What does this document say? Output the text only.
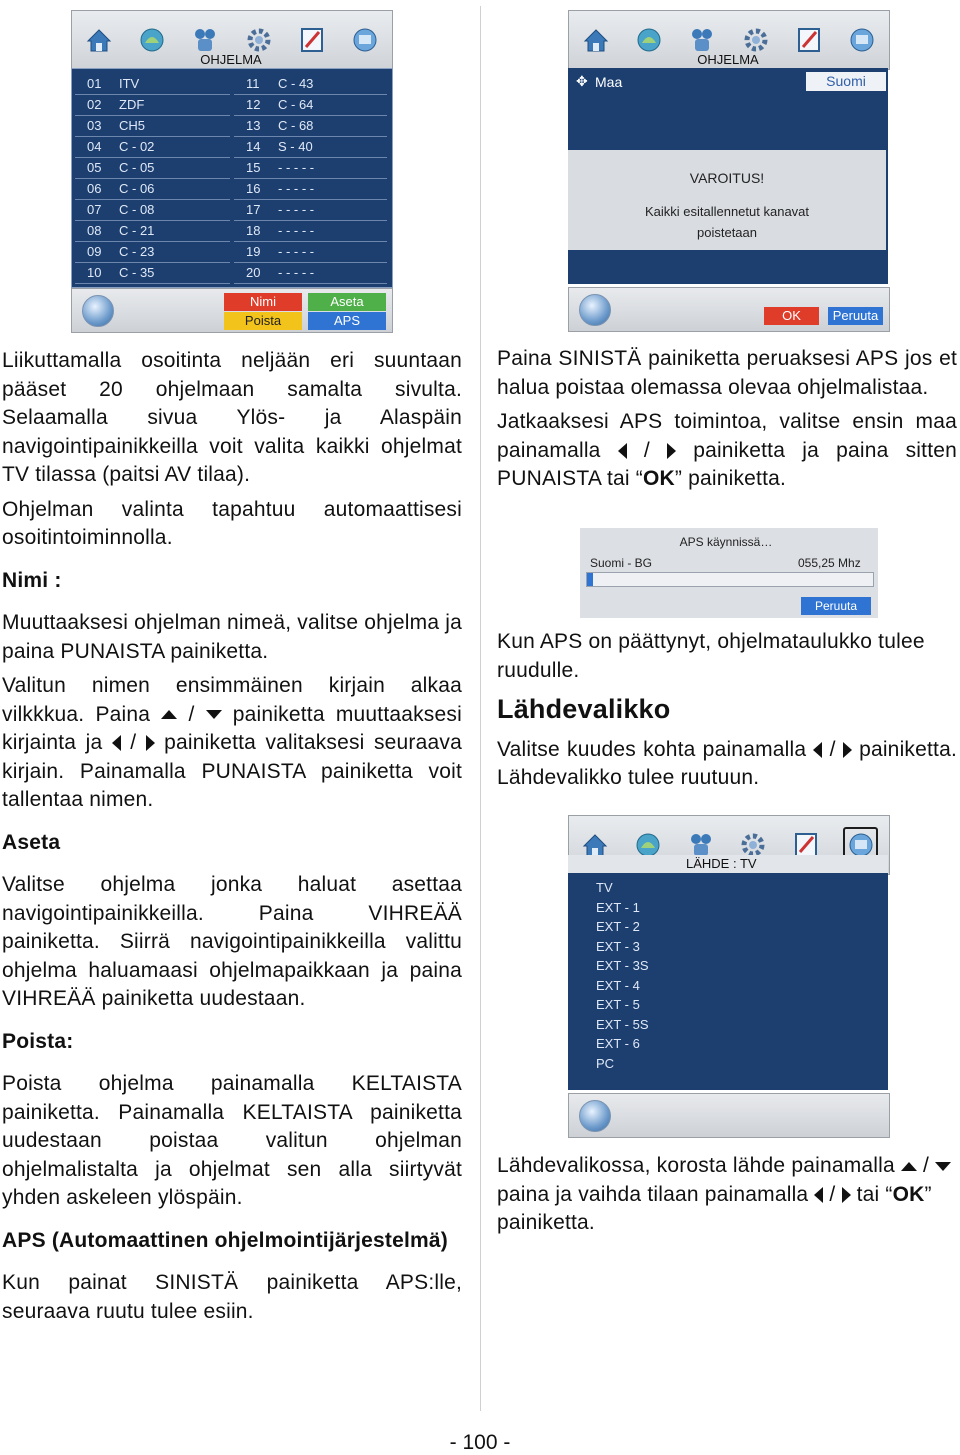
OHJELMA
01 ITV
02 ZDF
03 CH5
04 C - 02
05 C - 05
06 C - 06
07 C - 08
08 C - 21
09 C - 23
10 C - 35
11 C - 43
12 C - 64
13 C - 68
14 S - 40
15 - - - - -
16 - - - - -
17 - - - - -
18 - - - - -
19 - - - - -
20 - - - - -
Nimi	Aseta
Poista	APS
OHJELMA
✥ Maa	Suomi
VAROITUS!
Kaikki esitallennetut kanavat
poistetaan
OK	Peruuta
APS käynnissä…
Suomi - BG	055,25 Mhz
Peruuta
LÄHDE : TV
TV
EXT - 1
EXT - 2
EXT - 3
EXT - 3S
EXT - 4
EXT - 5
EXT - 5S
EXT - 6
PC

Liikuttamalla osoitinta neljään eri suuntaan pääset 20 ohjelmaan samalta sivulta. Selaamalla sivua Ylös- ja Alaspäin navigointipainikkeilla voit valita kaikki ohjelmat TV tilassa (paitsi AV tilaa).

Ohjelman valinta tapahtuu automaattisesi osoitintoiminnolla.

Nimi :

Muuttaaksesi ohjelman nimeä, valitse ohjelma ja paina PUNAISTA painiketta.

Valitun nimen ensimmäinen kirjain alkaa vilkkkua. Paina / painiketta muuttaaksesi kirjainta ja / painiketta valitaksesi seuraava kirjain. Painamalla PUNAISTA painiketta voit tallentaa nimen.

Aseta

Valitse ohjelma jonka haluat asettaa navigointipainikkeilla. Paina VIHREÄÄ painiketta. Siirrä navigointipainikkeilla valittu ohjelma haluamaasi ohjelmapaikkaan ja paina VIHREÄÄ painiketta uudestaan.

Poista:

Poista ohjelma painamalla KELTAISTA painiketta. Painamalla KELTAISTA painiketta uudestaan poistaa valitun ohjelman ohjelmalistalta ja ohjelmat sen alla siirtyvät yhden askeleen ylöspäin.

APS (Automaattinen ohjelmointijärjestelmä)

Kun painat SINISTÄ painiketta APS:lle, seuraava ruutu tulee esiin.

Paina SINISTÄ painiketta peruaksesi APS jos et halua poistaa olemassa olevaa ohjelmalistaa.

Jatkaaksesi APS toimintoa, valitse ensin maa painamalla / painiketta ja paina sitten PUNAISTA tai “OK” painiketta.

Kun APS on päättynyt, ohjelmataulukko tulee ruudulle.

Lähdevalikko

Valitse kuudes kohta painamalla / painiketta. Lähdevalikko tulee ruutuun.

Lähdevalikossa, korosta lähde painamalla /  paina ja vaihda tilaan painamalla / tai “OK” painiketta.

- 100 -
